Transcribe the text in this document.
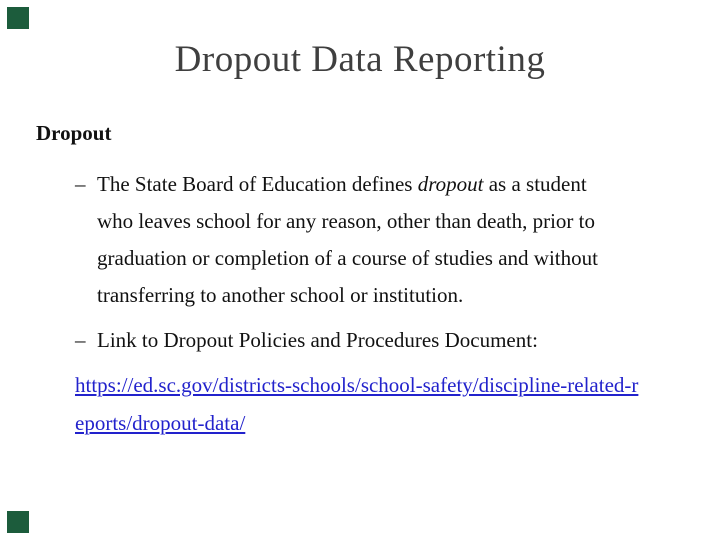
Dropout Data Reporting
Dropout
– The State Board of Education defines dropout as a student who leaves school for any reason, other than death, prior to graduation or completion of a course of studies and without transferring to another school or institution.
– Link to Dropout Policies and Procedures Document:
https://ed.sc.gov/districts-schools/school-safety/discipline-related-reports/dropout-data/
